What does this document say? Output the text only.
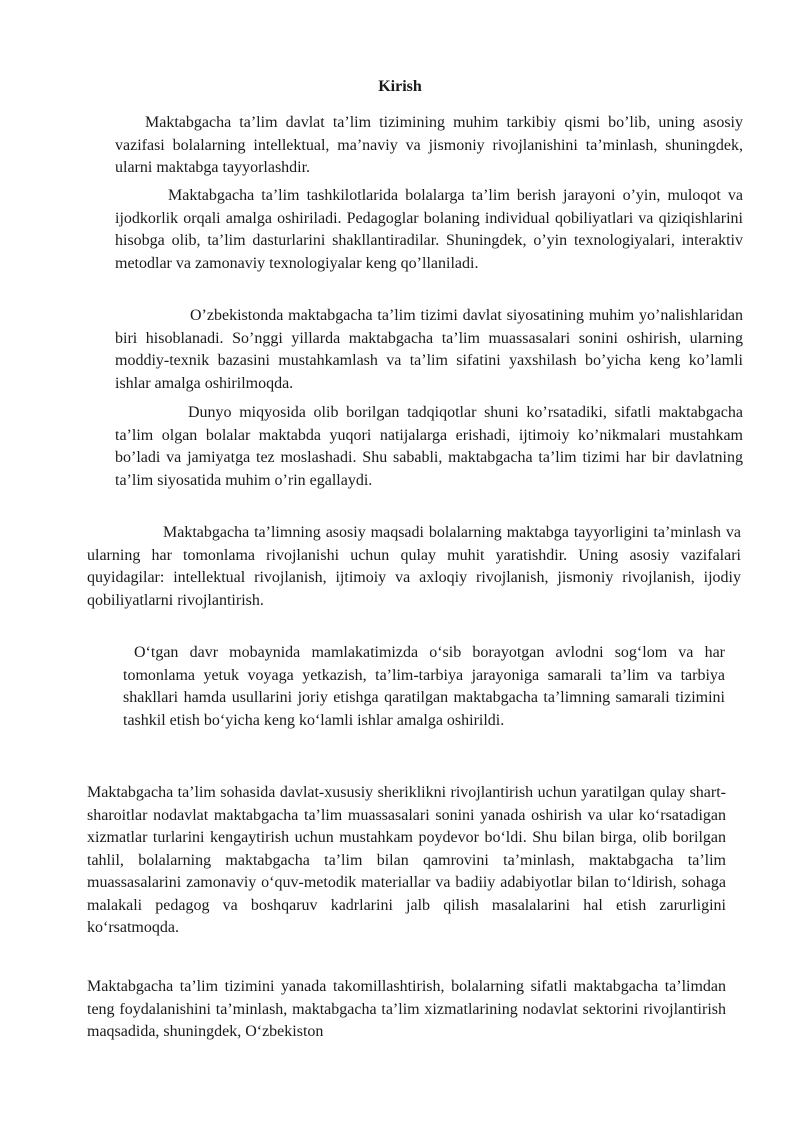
Kirish

Maktabgacha ta’lim davlat ta’lim tizimining muhim tarkibiy qismi bo’lib, uning asosiy vazifasi bolalarning intellektual, ma’naviy va jismoniy rivojlanishini ta’minlash, shuningdek, ularni maktabga tayyorlashdir.

Maktabgacha ta’lim tashkilotlarida bolalarga ta’lim berish jarayoni o’yin, muloqot va ijodkorlik orqali amalga oshiriladi. Pedagoglar bolaning individual qobiliyatlari va qiziqishlarini hisobga olib, ta’lim dasturlarini shakllantiradilar. Shuningdek, o’yin texnologiyalari, interaktiv metodlar va zamonaviy texnologiyalar keng qo’llaniladi.

O’zbekistonda maktabgacha ta’lim tizimi davlat siyosatining muhim yo’nalishlaridan biri hisoblanadi. So’nggi yillarda maktabgacha ta’lim muassasalari sonini oshirish, ularning moddiy-texnik bazasini mustahkamlash va ta’lim sifatini yaxshilash bo’yicha keng ko’lamli ishlar amalga oshirilmoqda.

Dunyo miqyosida olib borilgan tadqiqotlar shuni ko’rsatadiki, sifatli maktabgacha ta’lim olgan bolalar maktabda yuqori natijalarga erishadi, ijtimoiy ko’nikmalari mustahkam bo’ladi va jamiyatga tez moslashadi. Shu sababli, maktabgacha ta’lim tizimi har bir davlatning ta’lim siyosatida muhim o’rin egallaydi.

Maktabgacha ta’limning asosiy maqsadi bolalarning maktabga tayyorligini ta’minlash va ularning har tomonlama rivojlanishi uchun qulay muhit yaratishdir. Uning asosiy vazifalari quyidagilar: intellektual rivojlanish, ijtimoiy va axloqiy rivojlanish, jismoniy rivojlanish, ijodiy qobiliyatlarni rivojlantirish.

O‘tgan davr mobaynida mamlakatimizda o‘sib borayotgan avlodni sog‘lom va har tomonlama yetuk voyaga yetkazish, ta’lim-tarbiya jarayoniga samarali ta’lim va tarbiya shakllari hamda usullarini joriy etishga qaratilgan maktabgacha ta’limning samarali tizimini tashkil etish bo‘yicha keng ko‘lamli ishlar amalga oshirildi.

Maktabgacha ta’lim sohasida davlat-xususiy sheriklikni rivojlantirish uchun yaratilgan qulay shart-sharoitlar nodavlat maktabgacha ta’lim muassasalari sonini yanada oshirish va ular ko‘rsatadigan xizmatlar turlarini kengaytirish uchun mustahkam poydevor bo‘ldi. Shu bilan birga, olib borilgan tahlil, bolalarning maktabgacha ta’lim bilan qamrovini ta’minlash, maktabgacha ta’lim muassasalarini zamonaviy o‘quv-metodik materiallar va badiiy adabiyotlar bilan to‘ldirish, sohaga malakali pedagog va boshqaruv kadrlarini jalb qilish masalalarini hal etish zarurligini ko‘rsatmoqda.

Maktabgacha ta’lim tizimini yanada takomillashtirish, bolalarning sifatli maktabgacha ta’limdan teng foydalanishini ta’minlash, maktabgacha ta’lim xizmatlarining nodavlat sektorini rivojlantirish maqsadida, shuningdek, O‘zbekiston
